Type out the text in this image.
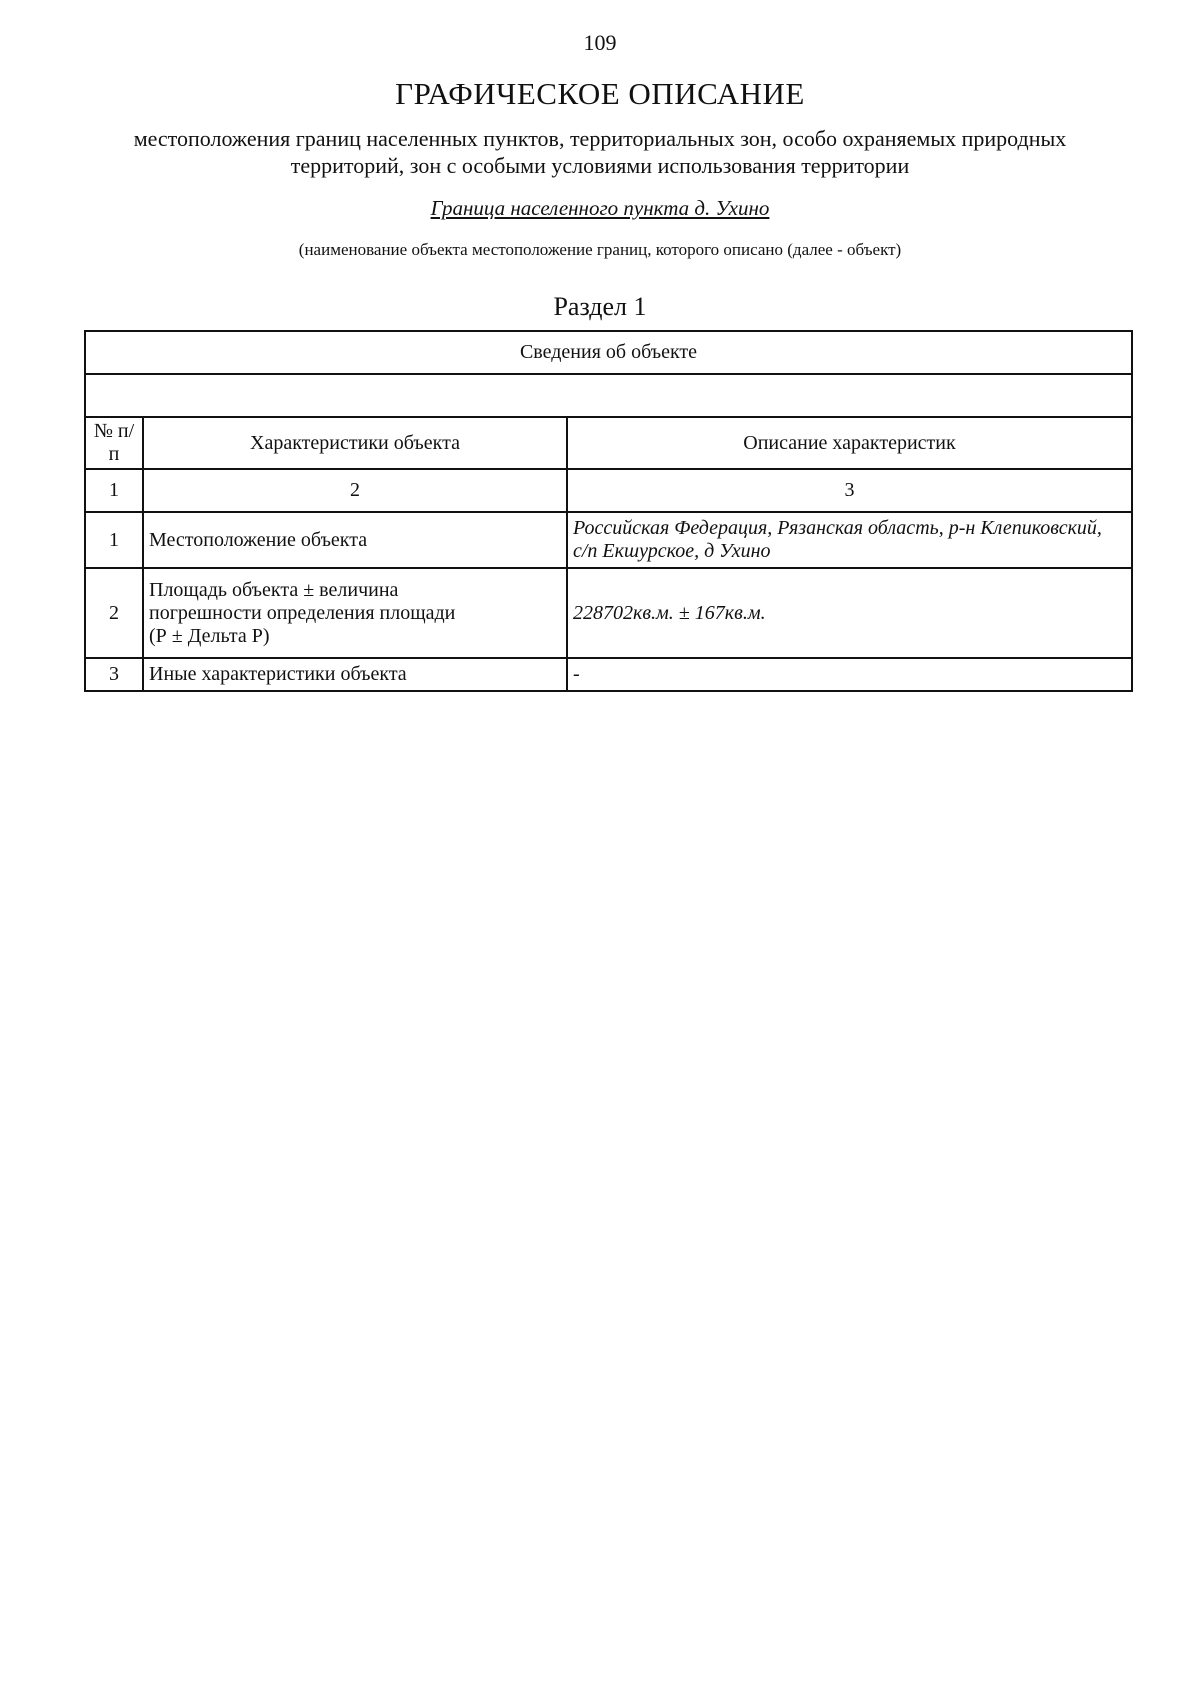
109
ГРАФИЧЕСКОЕ ОПИСАНИЕ
местоположения границ населенных пунктов, территориальных зон, особо охраняемых природных
территорий, зон с особыми условиями использования территории
Граница населенного пункта д. Ухино
(наименование объекта местоположение границ, которого описано (далее - объект)
Раздел 1
Сведения об объекте		

№ п/п	Характеристики объекта	Описание характеристик
1	2	3
1	Местоположение объекта	Российская Федерация, Рязанская область, р-н Клепиковский,
с/п Екшурское, д Ухино

2	Площадь объекта ± величина
погрешности определения площади
(Р ± Дельта Р)	228702кв.м. ± 167кв.м.
3	Иные характеристики объекта	-
